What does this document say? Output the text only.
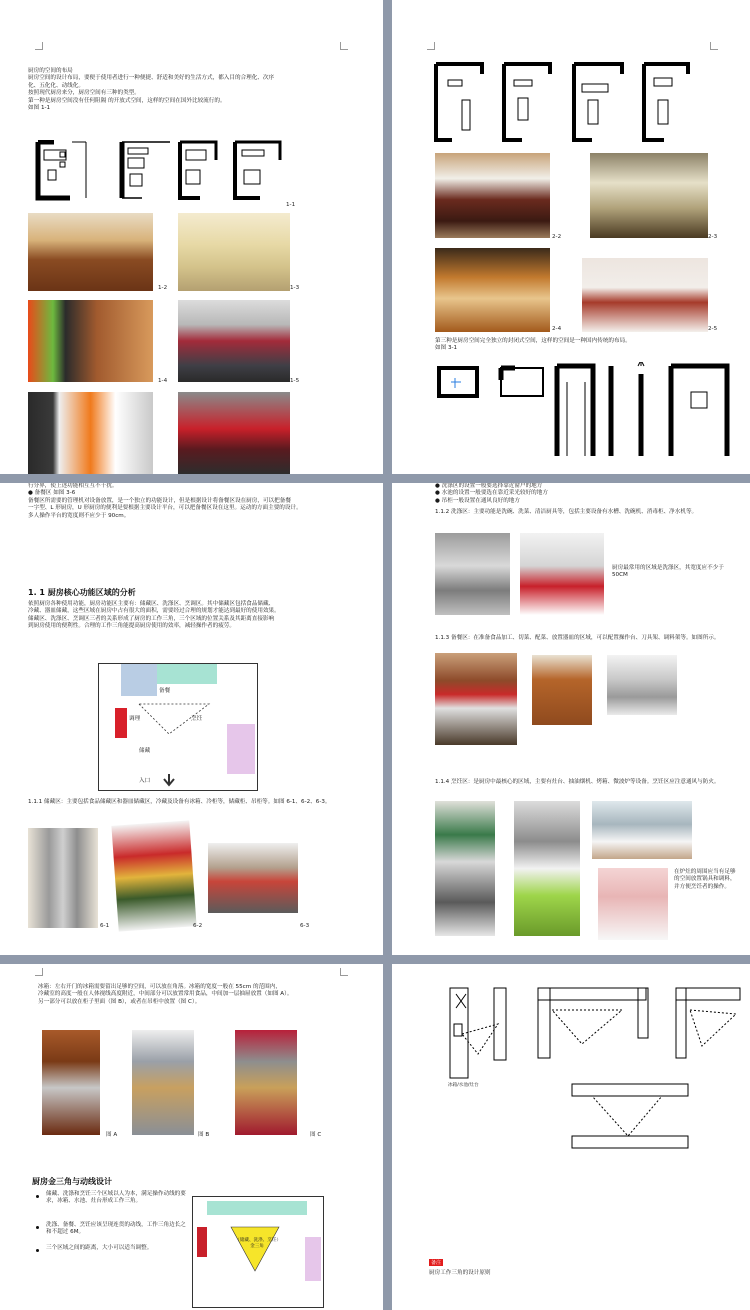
厨房的空间的布局
厨房空间的设计布局，要便于使用者进行一种便捷、舒适和美好的生活方式，都入目的合理化、次序
化、五化化、动线化。
按照现代厨房来分，厨房空间有三种的类型。
第一种是厨房空间没有任何阻隔 的开放式空间，这样的空间在国外比较流行的。
如图 1-1
1-1
1-2	1-3
1-4	1-5
2-2	2-3
2-4	2-5
第三种是厨房空间完全独立的封闭式空间，这样的空间是一种国内传统的布局。
如图 3-1
行分界，使上述功能相互互不干扰。
● 备餐区 如图 3-6
备餐区所需要的管理机对设备放置，是一个独立的功能设计，但是根据设计将备餐区设在厨房，可以把备餐
一字型、L 形厨房，U 形厨房的便利是要根据主要设计平台，可以把备餐区设在这里。运动的方面主要的设计。
多人操作平台的宽度则不应少于 90cm。
1. 1 厨房核心功能区域的分析
依照厨房各种使用功能，厨房功能区主要有：储藏区、洗涤区、烹调区。其中储藏区包括食品储藏、
冷藏、器皿储藏，这些区域在厨房中占有很大的面积，需要经过合理的规划才能达到最好的使用效果。
储藏区、洗涤区、烹调区三者的关系形成了厨房的工作三角，三个区域的位置关系及其距离直接影响
到厨房使用的便利性。合理的工作三角能提高厨房使用的效率，减轻操作者的疲劳。
备餐
调理	烹饪
储藏
入口
1.1.1 储藏区：主要包括食品储藏区和器皿储藏区，冷藏及设备有冰箱、冷柜等，储藏柜、吊柜等。如图 6-1、6-2、6-3。
6-1	6-2	6-3
● 洗涤区的设置一般要选择靠近窗户的地方
● 水池的设置一般要选在靠近采光较好的地方
● 吊柜一般设置在通风良好的地方
1.1.2 洗涤区：主要功能是洗碗、洗菜、清洁厨具等，包括主要设备有水槽、洗碗机、消毒柜、净水机等。
厨房最常用的区域是洗涤区，其宽度应不少于 50CM
1.1.3 备餐区：在准备食品加工、切菜、配菜、放置器皿的区域，可以配置操作台、刀具架、调料架等。如图所示。
1.1.4 烹饪区：是厨房中最核心的区域，主要有灶台、抽油烟机、烤箱、微波炉等设备。烹饪区应注意通风与防火。
在炉灶的周围应当有足够的空间放置锅具和调料，并方便烹饪者的操作。
冰箱：左右开门的冰箱需要留出足够的空间，可以放在角落。冰箱的宽度一般在 55cm 的范围内，
冷藏室的高度一般在人体视线高度附近，中间部分可以放置常用食品，中间加一层抽屉放置（如图 A）。
另一部分可以放在柜子里面（图 B），或者在吊柜中放置（图 C）。
图 A	图 B	图 C
厨房金三角与动线设计
储藏、洗涤和烹饪三个区域以人为本，满足操作动线的要求，冰箱、水池、灶台形成工作三角。
洗涤、备餐、烹饪应该呈现连贯的动线，工作三角边长之和不超过 6M。
三个区域之间的距离，大小可以适当调整。
（储藏、洗涤、烹饪）金三角
冰箱/水池/灶台
备注
厨房工作三角的设计原则
